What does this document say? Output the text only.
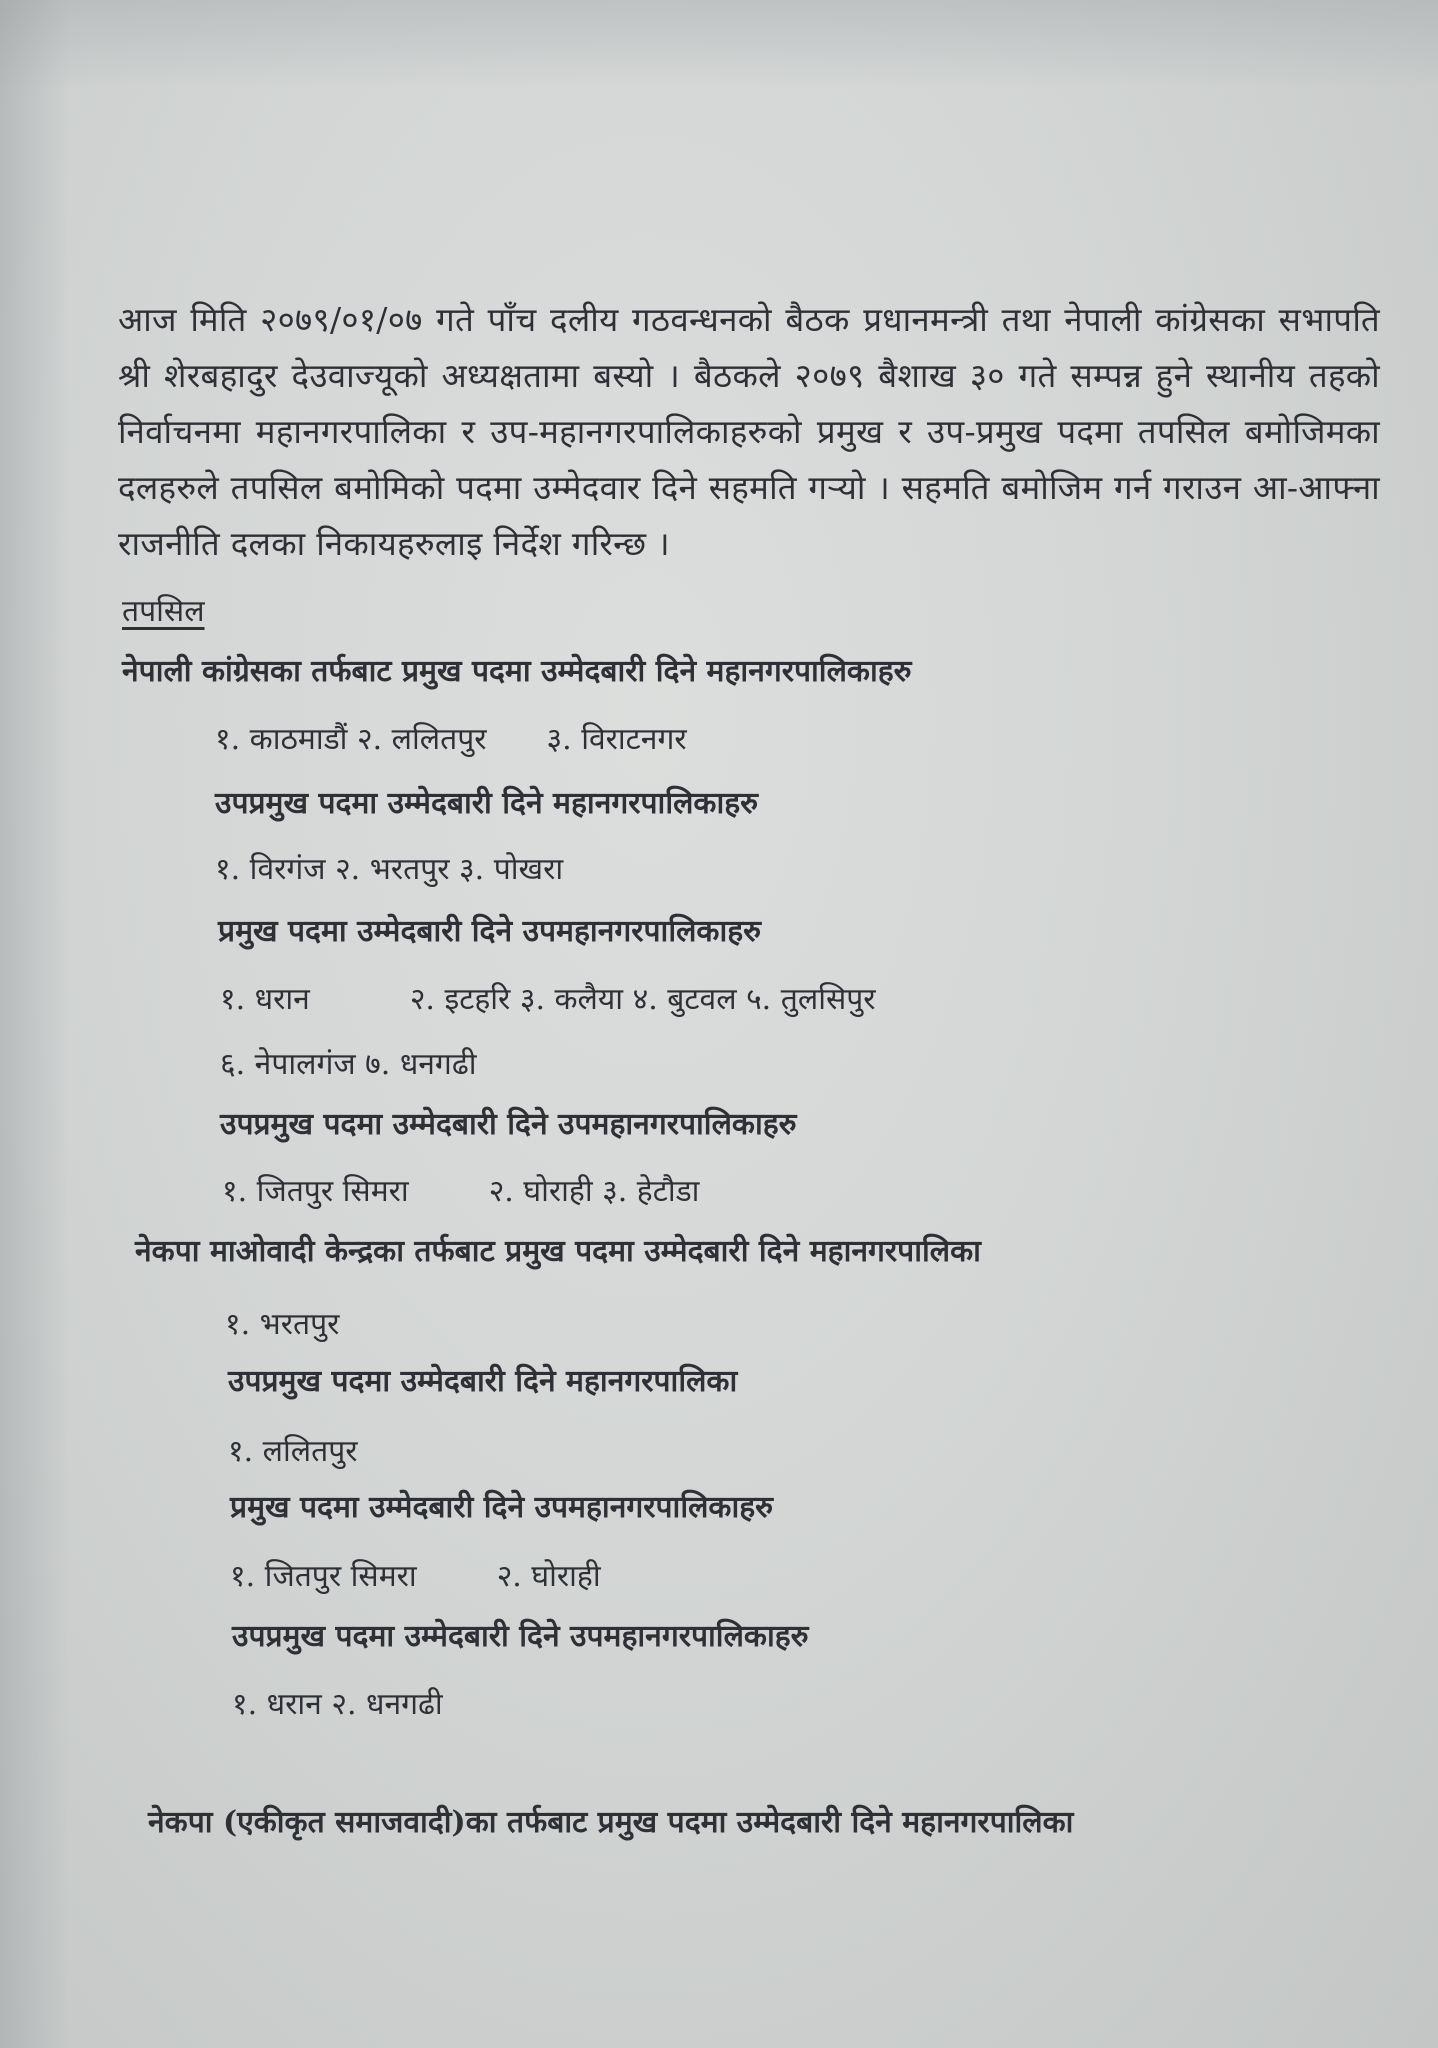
आज मिति २०७९/०१/०७ गते पाँच दलीय गठवन्धनको बैठक प्रधानमन्त्री तथा नेपाली कांग्रेसका सभापति श्री शेरबहादुर देउवाज्यूको अध्यक्षतामा बस्यो । बैठकले २०७९ बैशाख ३० गते सम्पन्न हुने स्थानीय तहको निर्वाचनमा महानगरपालिका र उप-महानगरपालिकाहरुको प्रमुख र उप-प्रमुख पदमा तपसिल बमोजिमका दलहरुले तपसिल बमोमिको पदमा उम्मेदवार दिने सहमति गऱ्यो । सहमति बमोजिम गर्न गराउन आ-आफ्ना राजनीति दलका निकायहरुलाइ निर्देश गरिन्छ ।

तपसिल

नेपाली कांग्रेसका तर्फबाट प्रमुख पदमा उम्मेदबारी दिने महानगरपालिकाहरु

१. काठमाडौं २. ललितपुर ३. विराटनगर

उपप्रमुख पदमा उम्मेदबारी दिने महानगरपालिकाहरु

१. विरगंज २. भरतपुर ३. पोखरा

प्रमुख पदमा उम्मेदबारी दिने उपमहानगरपालिकाहरु

१. धरान	२. इटहरि ३. कलैया ४. बुटवल ५. तुलसिपुर

६. नेपालगंज ७. धनगढी

उपप्रमुख पदमा उम्मेदबारी दिने उपमहानगरपालिकाहरु

१. जितपुर सिमरा	२. घोराही ३. हेटौडा

नेकपा माओवादी केन्द्रका तर्फबाट प्रमुख पदमा उम्मेदबारी दिने महानगरपालिका

१. भरतपुर

उपप्रमुख पदमा उम्मेदबारी दिने महानगरपालिका

१. ललितपुर

प्रमुख पदमा उम्मेदबारी दिने उपमहानगरपालिकाहरु

१. जितपुर सिमरा	२. घोराही

उपप्रमुख पदमा उम्मेदबारी दिने उपमहानगरपालिकाहरु

१. धरान २. धनगढी

नेकपा (एकीकृत समाजवादी)का तर्फबाट प्रमुख पदमा उम्मेदबारी दिने महानगरपालिका
